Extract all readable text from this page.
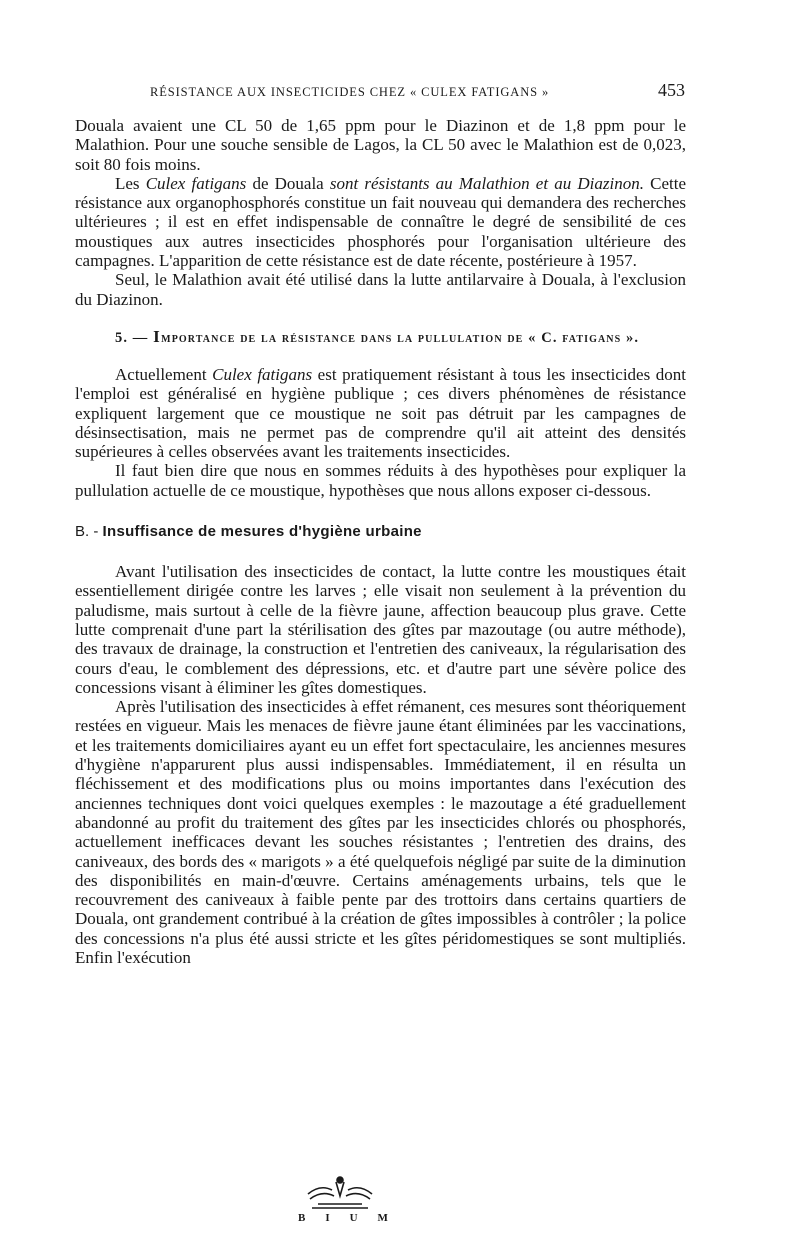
RÉSISTANCE AUX INSECTICIDES CHEZ « CULEX FATIGANS »	453

Douala avaient une CL 50 de 1,65 ppm pour le Diazinon et de 1,8 ppm pour le Malathion. Pour une souche sensible de Lagos, la CL 50 avec le Malathion est de 0,023, soit 80 fois moins.

Les Culex fatigans de Douala sont résistants au Malathion et au Diazinon. Cette résistance aux organophosphorés constitue un fait nouveau qui demandera des recherches ultérieures ; il est en effet indispensable de connaître le degré de sensibilité de ces moustiques aux autres insecticides phosphorés pour l'organisation ultérieure des campagnes. L'apparition de cette résistance est de date récente, postérieure à 1957.

Seul, le Malathion avait été utilisé dans la lutte antilarvaire à Douala, à l'exclusion du Diazinon.

5. — Importance de la résistance dans la pullulation de « C. fatigans ».

Actuellement Culex fatigans est pratiquement résistant à tous les insecticides dont l'emploi est généralisé en hygiène publique ; ces divers phénomènes de résistance expliquent largement que ce moustique ne soit pas détruit par les campagnes de désinsectisation, mais ne permet pas de comprendre qu'il ait atteint des densités supérieures à celles observées avant les traitements insecticides.

Il faut bien dire que nous en sommes réduits à des hypothèses pour expliquer la pullulation actuelle de ce moustique, hypothèses que nous allons exposer ci-dessous.

B. - Insuffisance de mesures d'hygiène urbaine

Avant l'utilisation des insecticides de contact, la lutte contre les moustiques était essentiellement dirigée contre les larves ; elle visait non seulement à la prévention du paludisme, mais surtout à celle de la fièvre jaune, affection beaucoup plus grave. Cette lutte comprenait d'une part la stérilisation des gîtes par mazoutage (ou autre méthode), des travaux de drainage, la construction et l'entretien des caniveaux, la régularisation des cours d'eau, le comblement des dépressions, etc. et d'autre part une sévère police des concessions visant à éliminer les gîtes domestiques.

Après l'utilisation des insecticides à effet rémanent, ces mesures sont théoriquement restées en vigueur. Mais les menaces de fièvre jaune étant éliminées par les vaccinations, et les traitements domiciliaires ayant eu un effet fort spectaculaire, les anciennes mesures d'hygiène n'apparurent plus aussi indispensables. Immédiatement, il en résulta un fléchissement et des modifications plus ou moins importantes dans l'exécution des anciennes techniques dont voici quelques exemples : le mazoutage a été graduellement abandonné au profit du traitement des gîtes par les insecticides chlorés ou phosphorés, actuellement inefficaces devant les souches résistantes ; l'entretien des drains, des caniveaux, des bords des « marigots » a été quelquefois négligé par suite de la diminution des disponibilités en main-d'œuvre. Certains aménagements urbains, tels que le recouvrement des caniveaux à faible pente par des trottoirs dans certains quartiers de Douala, ont grandement contribué à la création de gîtes impossibles à contrôler ; la police des concessions n'a plus été aussi stricte et les gîtes péridomestiques se sont multipliés. Enfin l'exécution

BIUM
